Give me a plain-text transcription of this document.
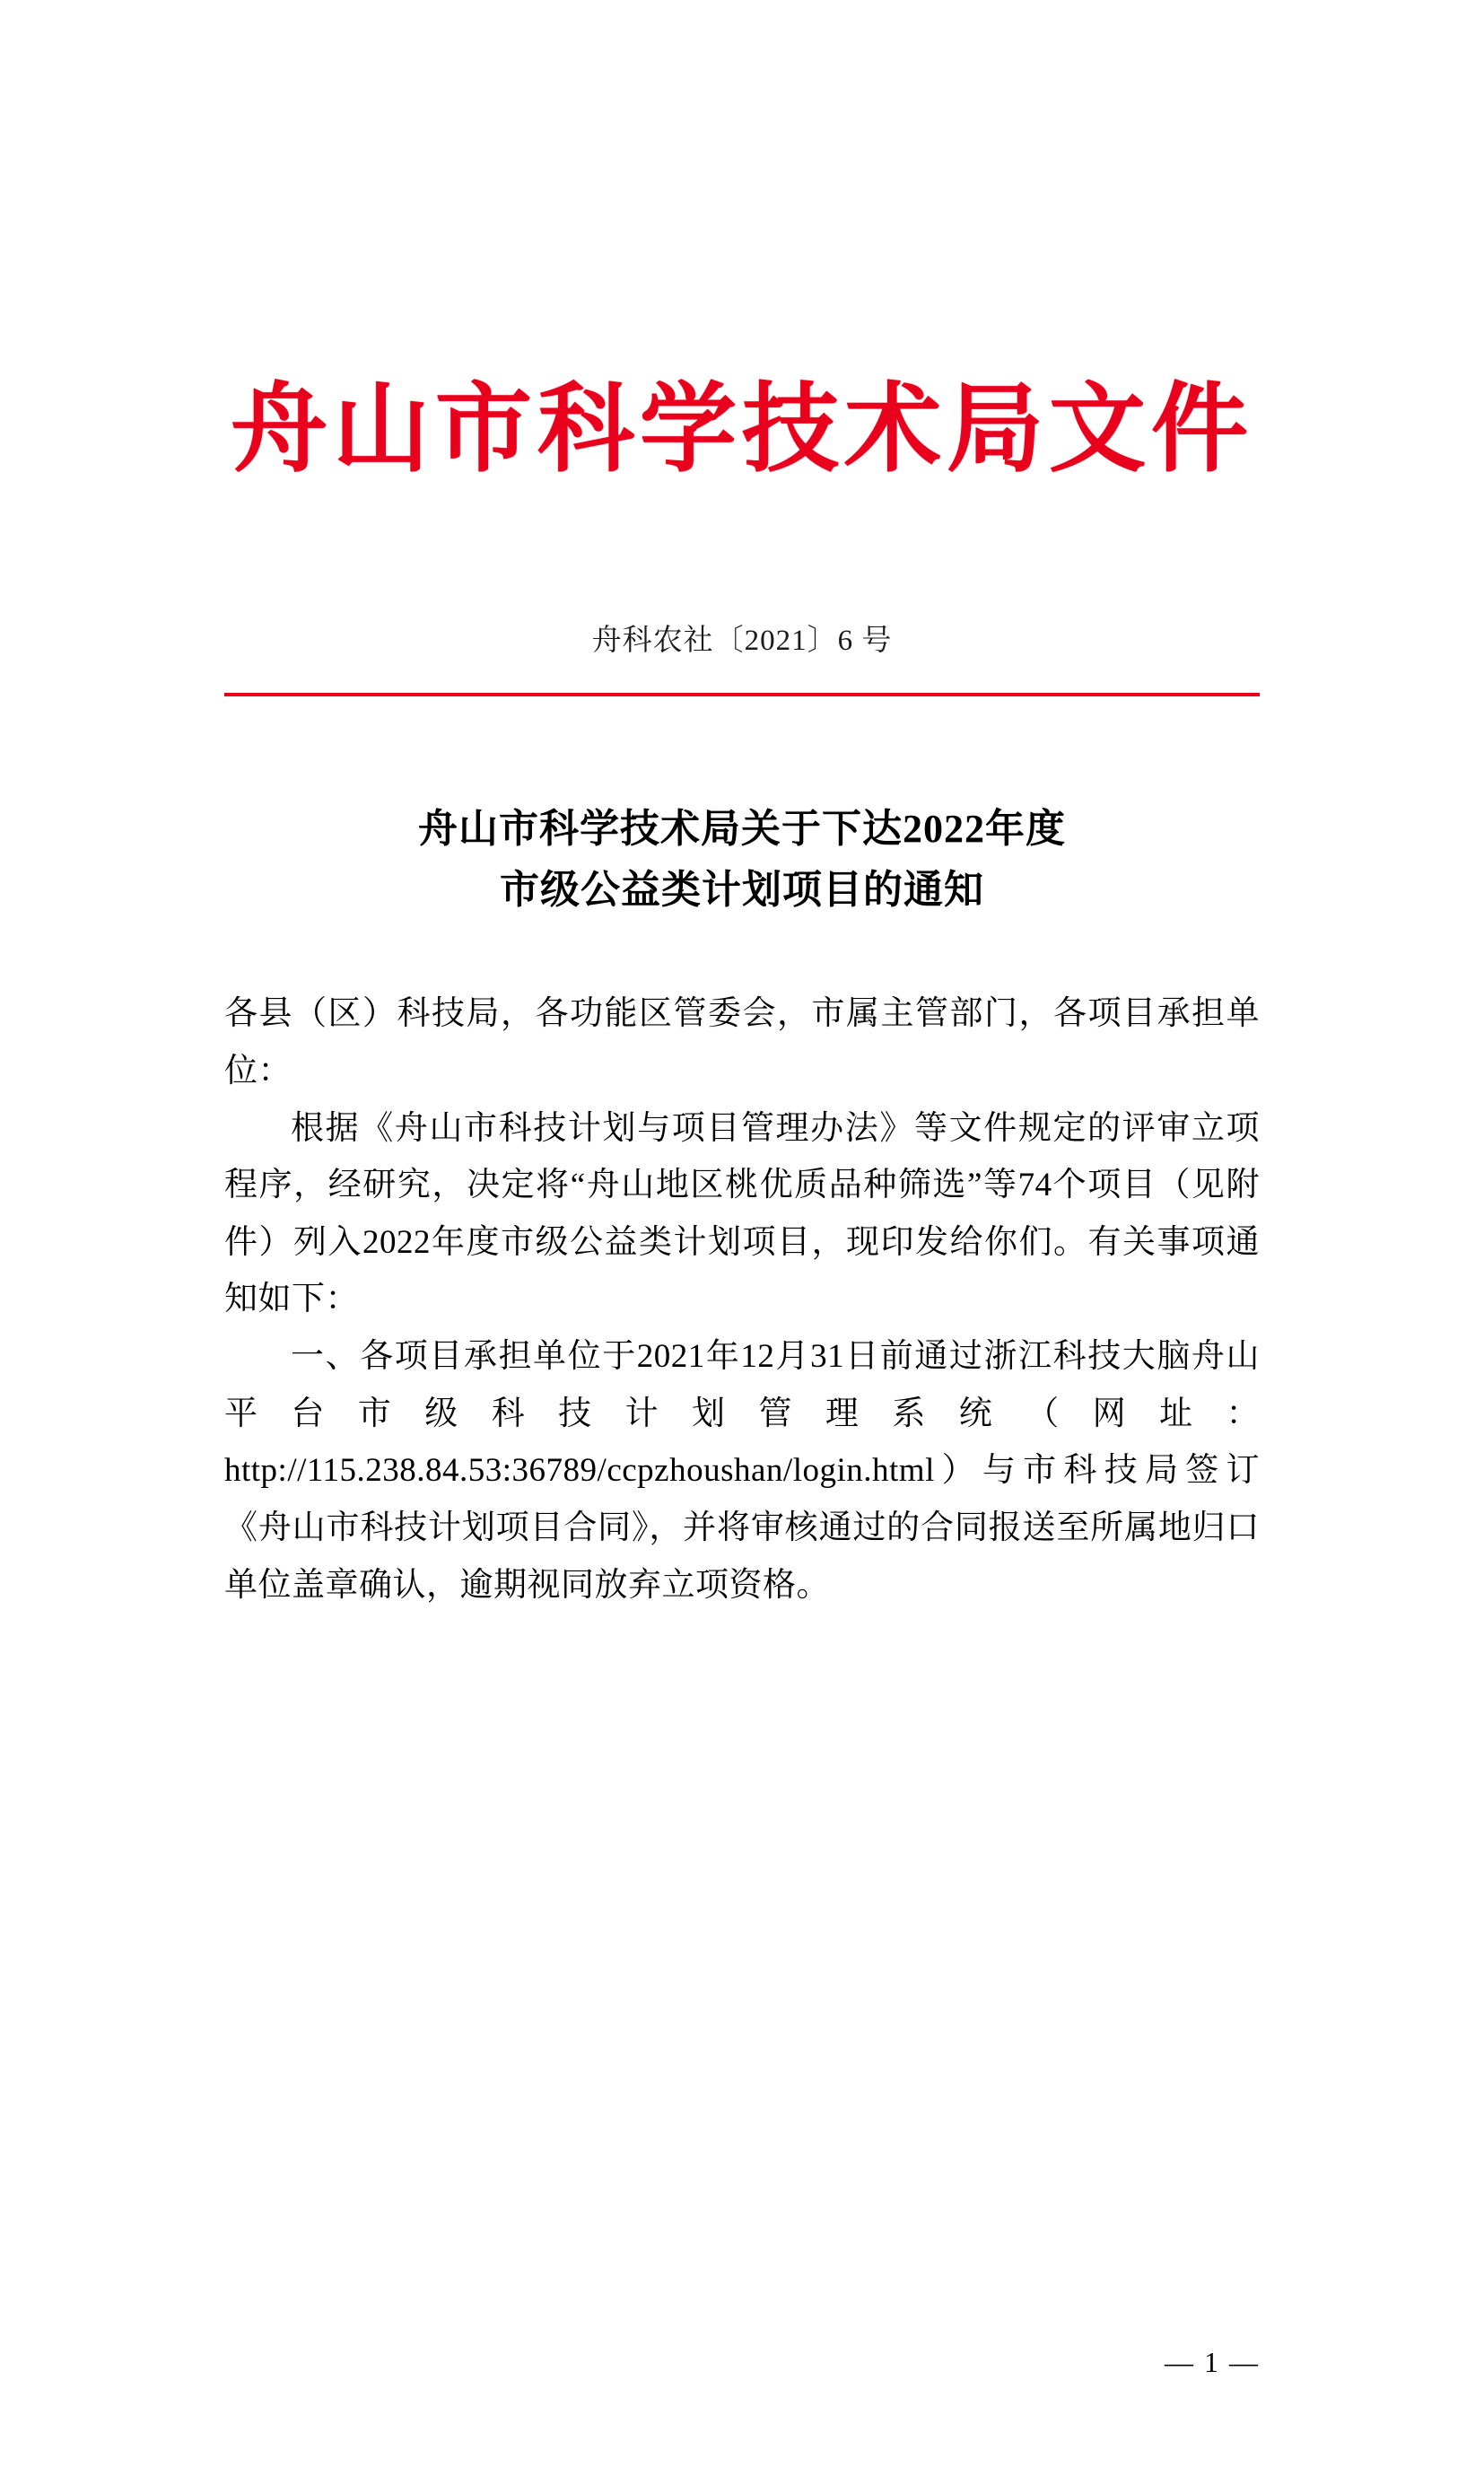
舟山市科学技术局文件
舟科农社〔2021〕6 号
舟山市科学技术局关于下达2022年度
市级公益类计划项目的通知

各县（区）科技局，各功能区管委会，市属主管部门，各项目承担单位：

根据《舟山市科技计划与项目管理办法》等文件规定的评审立项程序，经研究，决定将“舟山地区桃优质品种筛选”等74个项目（见附件）列入2022年度市级公益类计划项目，现印发给你们。有关事项通知如下：

一、各项目承担单位于2021年12月31日前通过浙江科技大脑舟山平台市级科技计划管理系统（网址：http://115.238.84.53:36789/ccpzhoushan/login.html）与市科技局签订《舟山市科技计划项目合同》，并将审核通过的合同报送至所属地归口单位盖章确认，逾期视同放弃立项资格。

— 1 —
